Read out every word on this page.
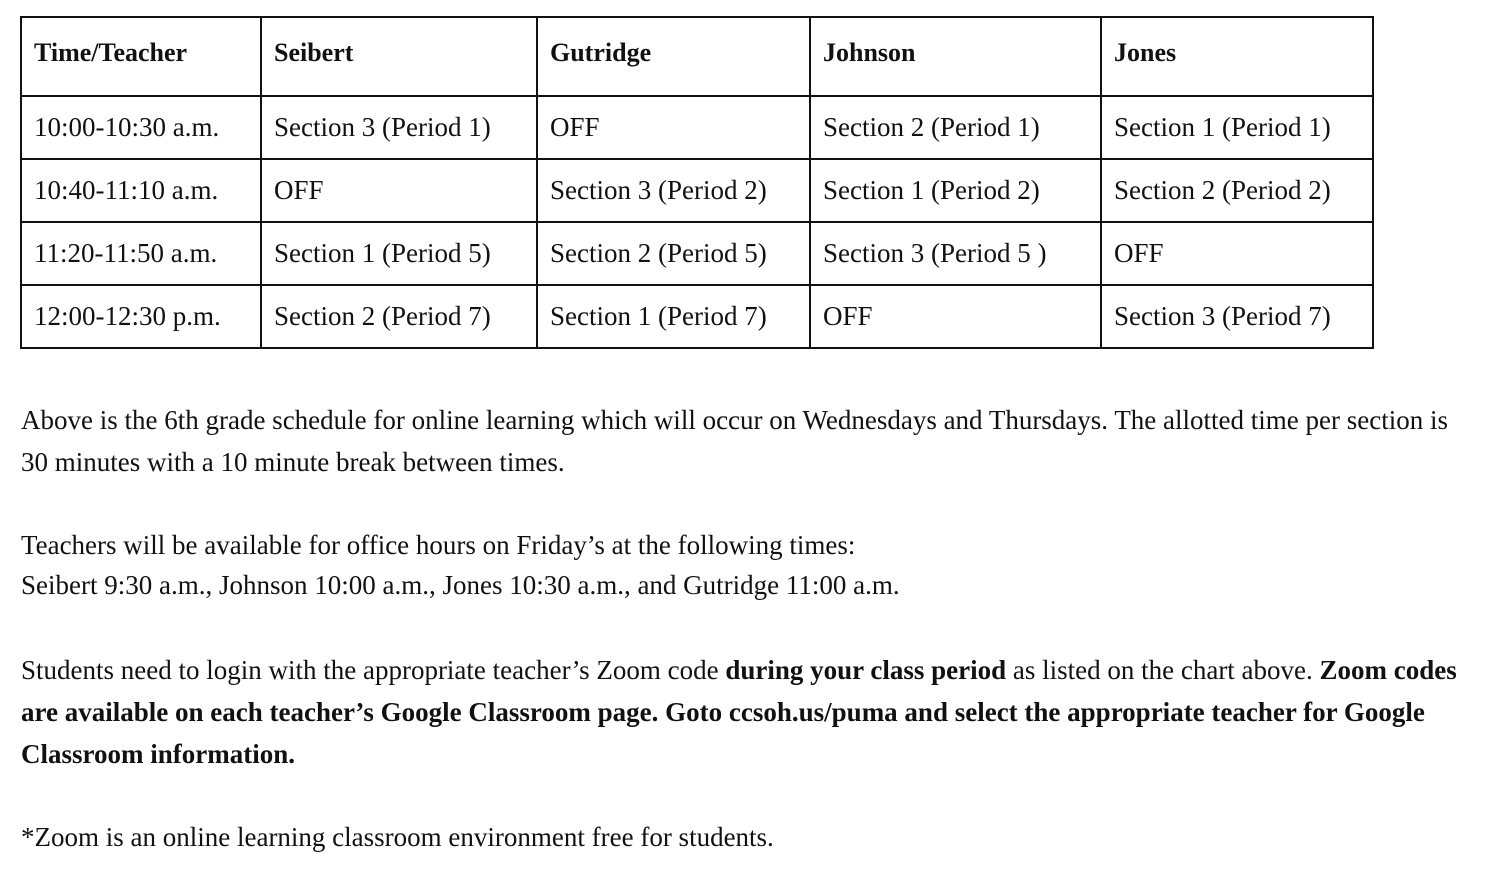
Time/Teacher	Seibert	Gutridge	Johnson	Jones
10:00-10:30 a.m.	Section 3 (Period 1)	OFF	Section 2 (Period 1)	Section 1 (Period 1)
10:40-11:10 a.m.	OFF	Section 3 (Period 2)	Section 1 (Period 2)	Section 2 (Period 2)
11:20-11:50 a.m.	Section 1 (Period 5)	Section 2 (Period 5)	Section 3 (Period 5 )	OFF
12:00-12:30 p.m.	Section 2 (Period 7)	Section 1 (Period 7)	OFF	Section 3 (Period 7)

Above is the 6th grade schedule for online learning which will occur on Wednesdays and Thursdays. The allotted time per section is 30 minutes with a 10 minute break between times.

Teachers will be available for office hours on Friday’s at the following times:
Seibert 9:30 a.m., Johnson 10:00 a.m., Jones 10:30 a.m., and Gutridge 11:00 a.m.

Students need to login with the appropriate teacher’s Zoom code during your class period as listed on the chart above. Zoom codes are available on each teacher’s Google Classroom page. Goto ccsoh.us/puma and select the appropriate teacher for Google Classroom information.

*Zoom is an online learning classroom environment free for students.
